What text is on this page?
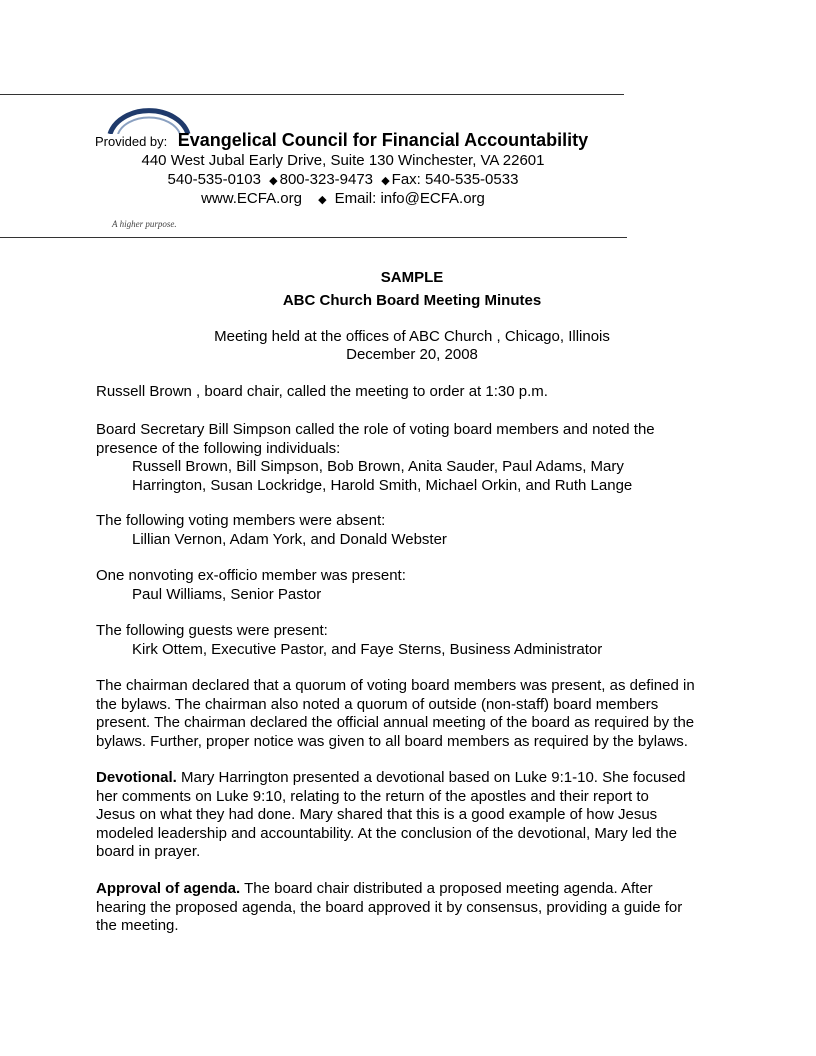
Provided by: Evangelical Council for Financial Accountability
440 West Jubal Early Drive, Suite 130 Winchester, VA 22601
540-535-0103 ◆ 800-323-9473 ◆ Fax: 540-535-0533
www.ECFA.org ◆ Email: info@ECFA.org
A higher purpose.
SAMPLE
ABC Church Board Meeting Minutes
Meeting held at the offices of ABC Church , Chicago, Illinois
December 20, 2008

Russell Brown , board chair, called the meeting to order at 1:30 p.m.

Board Secretary Bill Simpson called the role of voting board members and noted the
presence of the following individuals:
Russell Brown, Bill Simpson, Bob Brown, Anita Sauder, Paul Adams, Mary
Harrington, Susan Lockridge, Harold Smith, Michael Orkin, and Ruth Lange
The following voting members were absent:
Lillian Vernon, Adam York, and Donald Webster
One nonvoting ex-officio member was present:
Paul Williams, Senior Pastor
The following guests were present:
Kirk Ottem, Executive Pastor, and Faye Sterns, Business Administrator
The chairman declared that a quorum of voting board members was present, as defined in
the bylaws. The chairman also noted a quorum of outside (non-staff) board members
present. The chairman declared the official annual meeting of the board as required by the
bylaws. Further, proper notice was given to all board members as required by the bylaws.
Devotional. Mary Harrington presented a devotional based on Luke 9:1-10. She focused
her comments on Luke 9:10, relating to the return of the apostles and their report to
Jesus on what they had done. Mary shared that this is a good example of how Jesus
modeled leadership and accountability. At the conclusion of the devotional, Mary led the
board in prayer.
Approval of agenda. The board chair distributed a proposed meeting agenda. After
hearing the proposed agenda, the board approved it by consensus, providing a guide for
the meeting.
